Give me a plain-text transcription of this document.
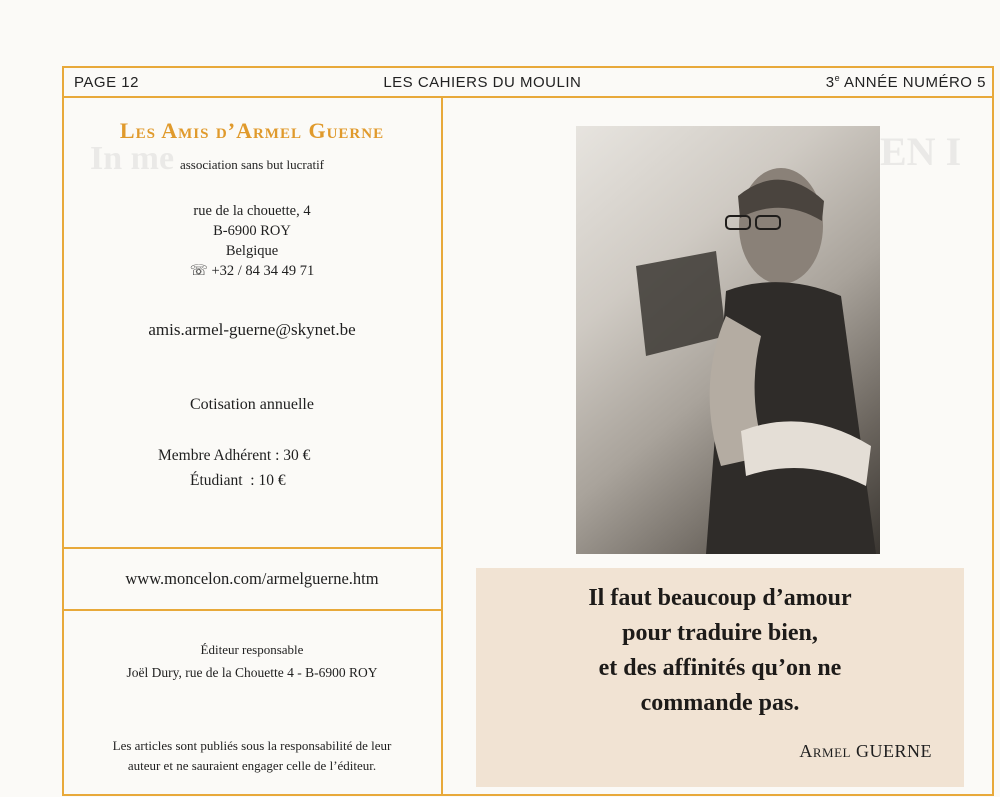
EN I
In me
PAGE 12	LES CAHIERS DU MOULIN	3e ANNÉE NUMÉRO 5
Les Amis d’Armel Guerne
association sans but lucratif
rue de la chouette, 4
B-6900 ROY
Belgique
☏ +32 / 84 34 49 71
amis.armel-guerne@skynet.be
Cotisation annuelle
Membre Adhérent : 30 €
Étudiant  : 10 €
www.moncelon.com/armelguerne.htm
Éditeur responsable
Joël Dury, rue de la Chouette 4 - B-6900 ROY
Les articles sont publiés sous la responsabilité de leur
auteur et ne sauraient engager celle de l’éditeur.
Il faut beaucoup d’amour
pour traduire bien,
et des affinités qu’on ne
commande pas.
Armel GUERNE
